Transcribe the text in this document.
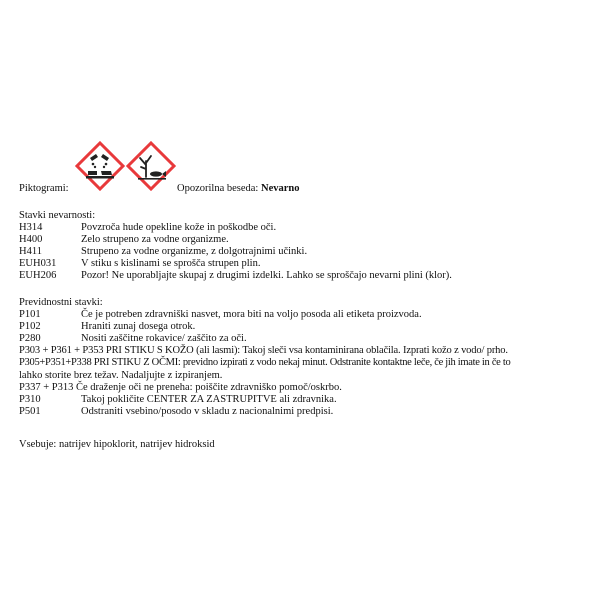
Piktogrami:	Opozorilna beseda: Nevarno
Stavki nevarnosti:
H314	Povzroča hude opekline kože in poškodbe oči.
H400	Zelo strupeno za vodne organizme.
H411	Strupeno za vodne organizme, z dolgotrajnimi učinki.
EUH031 V stiku s kislinami se sprošča strupen plin.
EUH206 Pozor! Ne uporabljajte skupaj z drugimi izdelki. Lahko se sproščajo nevarni plini (klor).
Previdnostni stavki:
P101	Če je potreben zdravniški nasvet, mora biti na voljo posoda ali etiketa proizvoda.
P102	Hraniti zunaj dosega otrok.
P280	Nositi zaščitne rokavice/ zaščito za oči.
P303 + P361 + P353 PRI STIKU S KOŽO (ali lasmi): Takoj sleči vsa kontaminirana oblačila. Izprati kožo z vodo/ prho.
P305+P351+P338 PRI STIKU Z OČMI: previdno izpirati z vodo nekaj minut. Odstranite kontaktne leče, če jih imate in če to
lahko storite brez težav. Nadaljujte z izpiranjem.
P337 + P313 Če draženje oči ne preneha: poiščite zdravniško pomoč/oskrbo.
P310	Takoj pokličite CENTER ZA ZASTRUPITVE ali zdravnika.
P501	Odstraniti vsebino/posodo v skladu z nacionalnimi predpisi.
Vsebuje: natrijev hipoklorit, natrijev hidroksid
